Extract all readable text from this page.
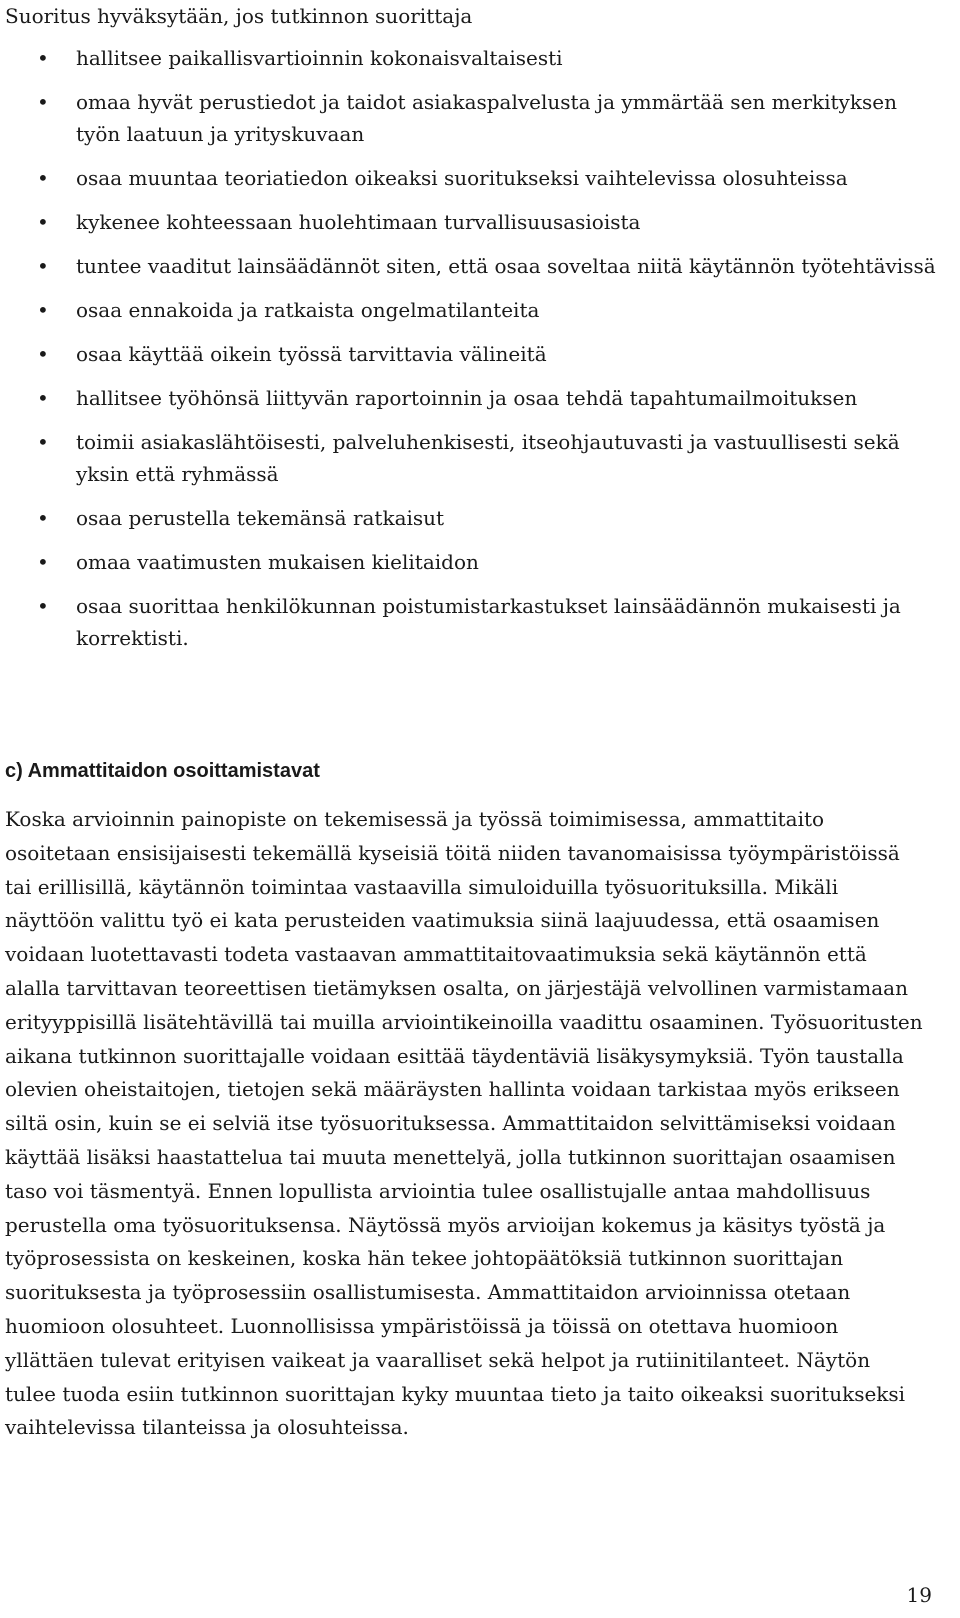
Suoritus hyväksytään, jos tutkinnon suorittaja

• hallitsee paikallisvartioinnin kokonaisvaltaisesti
• omaa hyvät perustiedot ja taidot asiakaspalvelusta ja ymmärtää sen merkityksen työn laatuun ja yrityskuvaan
• osaa muuntaa teoriatiedon oikeaksi suoritukseksi vaihtelevissa olosuhteissa
• kykenee kohteessaan huolehtimaan turvallisuusasioista
• tuntee vaaditut lainsäädännöt siten, että osaa soveltaa niitä käytännön työtehtävissä
• osaa ennakoida ja ratkaista ongelmatilanteita
• osaa käyttää oikein työssä tarvittavia välineitä
• hallitsee työhönsä liittyvän raportoinnin ja osaa tehdä tapahtumailmoituksen
• toimii asiakaslähtöisesti, palveluhenkisesti, itseohjautuvasti ja vastuullisesti sekä yksin että ryhmässä
• osaa perustella tekemänsä ratkaisut
• omaa vaatimusten mukaisen kielitaidon
• osaa suorittaa henkilökunnan poistumistarkastukset lainsäädännön mukaisesti ja korrektisti.
c) Ammattitaidon osoittamistavat

Koska arvioinnin painopiste on tekemisessä ja työssä toimimisessa, ammattitaito osoitetaan ensisijaisesti tekemällä kyseisiä töitä niiden tavanomaisissa työympäristöissä tai erillisillä, käytännön toimintaa vastaavilla simuloiduilla työsuorituksilla. Mikäli näyttöön valittu työ ei kata perusteiden vaatimuksia siinä laajuudessa, että osaamisen voidaan luotettavasti todeta vastaavan ammattitaitovaatimuksia sekä käytännön että alalla tarvittavan teoreettisen tietämyksen osalta, on järjestäjä velvollinen varmistamaan erityyppisillä lisätehtävillä tai muilla arviointikeinoilla vaadittu osaaminen. Työsuoritusten aikana tutkinnon suorittajalle voidaan esittää täydentäviä lisäkysymyksiä. Työn taustalla olevien oheistaitojen, tietojen sekä määräysten hallinta voidaan tarkistaa myös erikseen siltä osin, kuin se ei selviä itse työsuorituksessa. Ammattitaidon selvittämiseksi voidaan käyttää lisäksi haastattelua tai muuta menettelyä, jolla tutkinnon suorittajan osaamisen taso voi täsmentyä. Ennen lopullista arviointia tulee osallistujalle antaa mahdollisuus perustella oma työsuorituksensa. Näytössä myös arvioijan kokemus ja käsitys työstä ja työprosessista on keskeinen, koska hän tekee johtopäätöksiä tutkinnon suorittajan suorituksesta ja työprosessiin osallistumisesta. Ammattitaidon arvioinnissa otetaan huomioon olosuhteet. Luonnollisissa ympäristöissä ja töissä on otettava huomioon yllättäen tulevat erityisen vaikeat ja vaaralliset sekä helpot ja rutiinitilanteet. Näytön tulee tuoda esiin tutkinnon suorittajan kyky muuntaa tieto ja taito oikeaksi suoritukseksi vaihtelevissa tilanteissa ja olosuhteissa.

19
